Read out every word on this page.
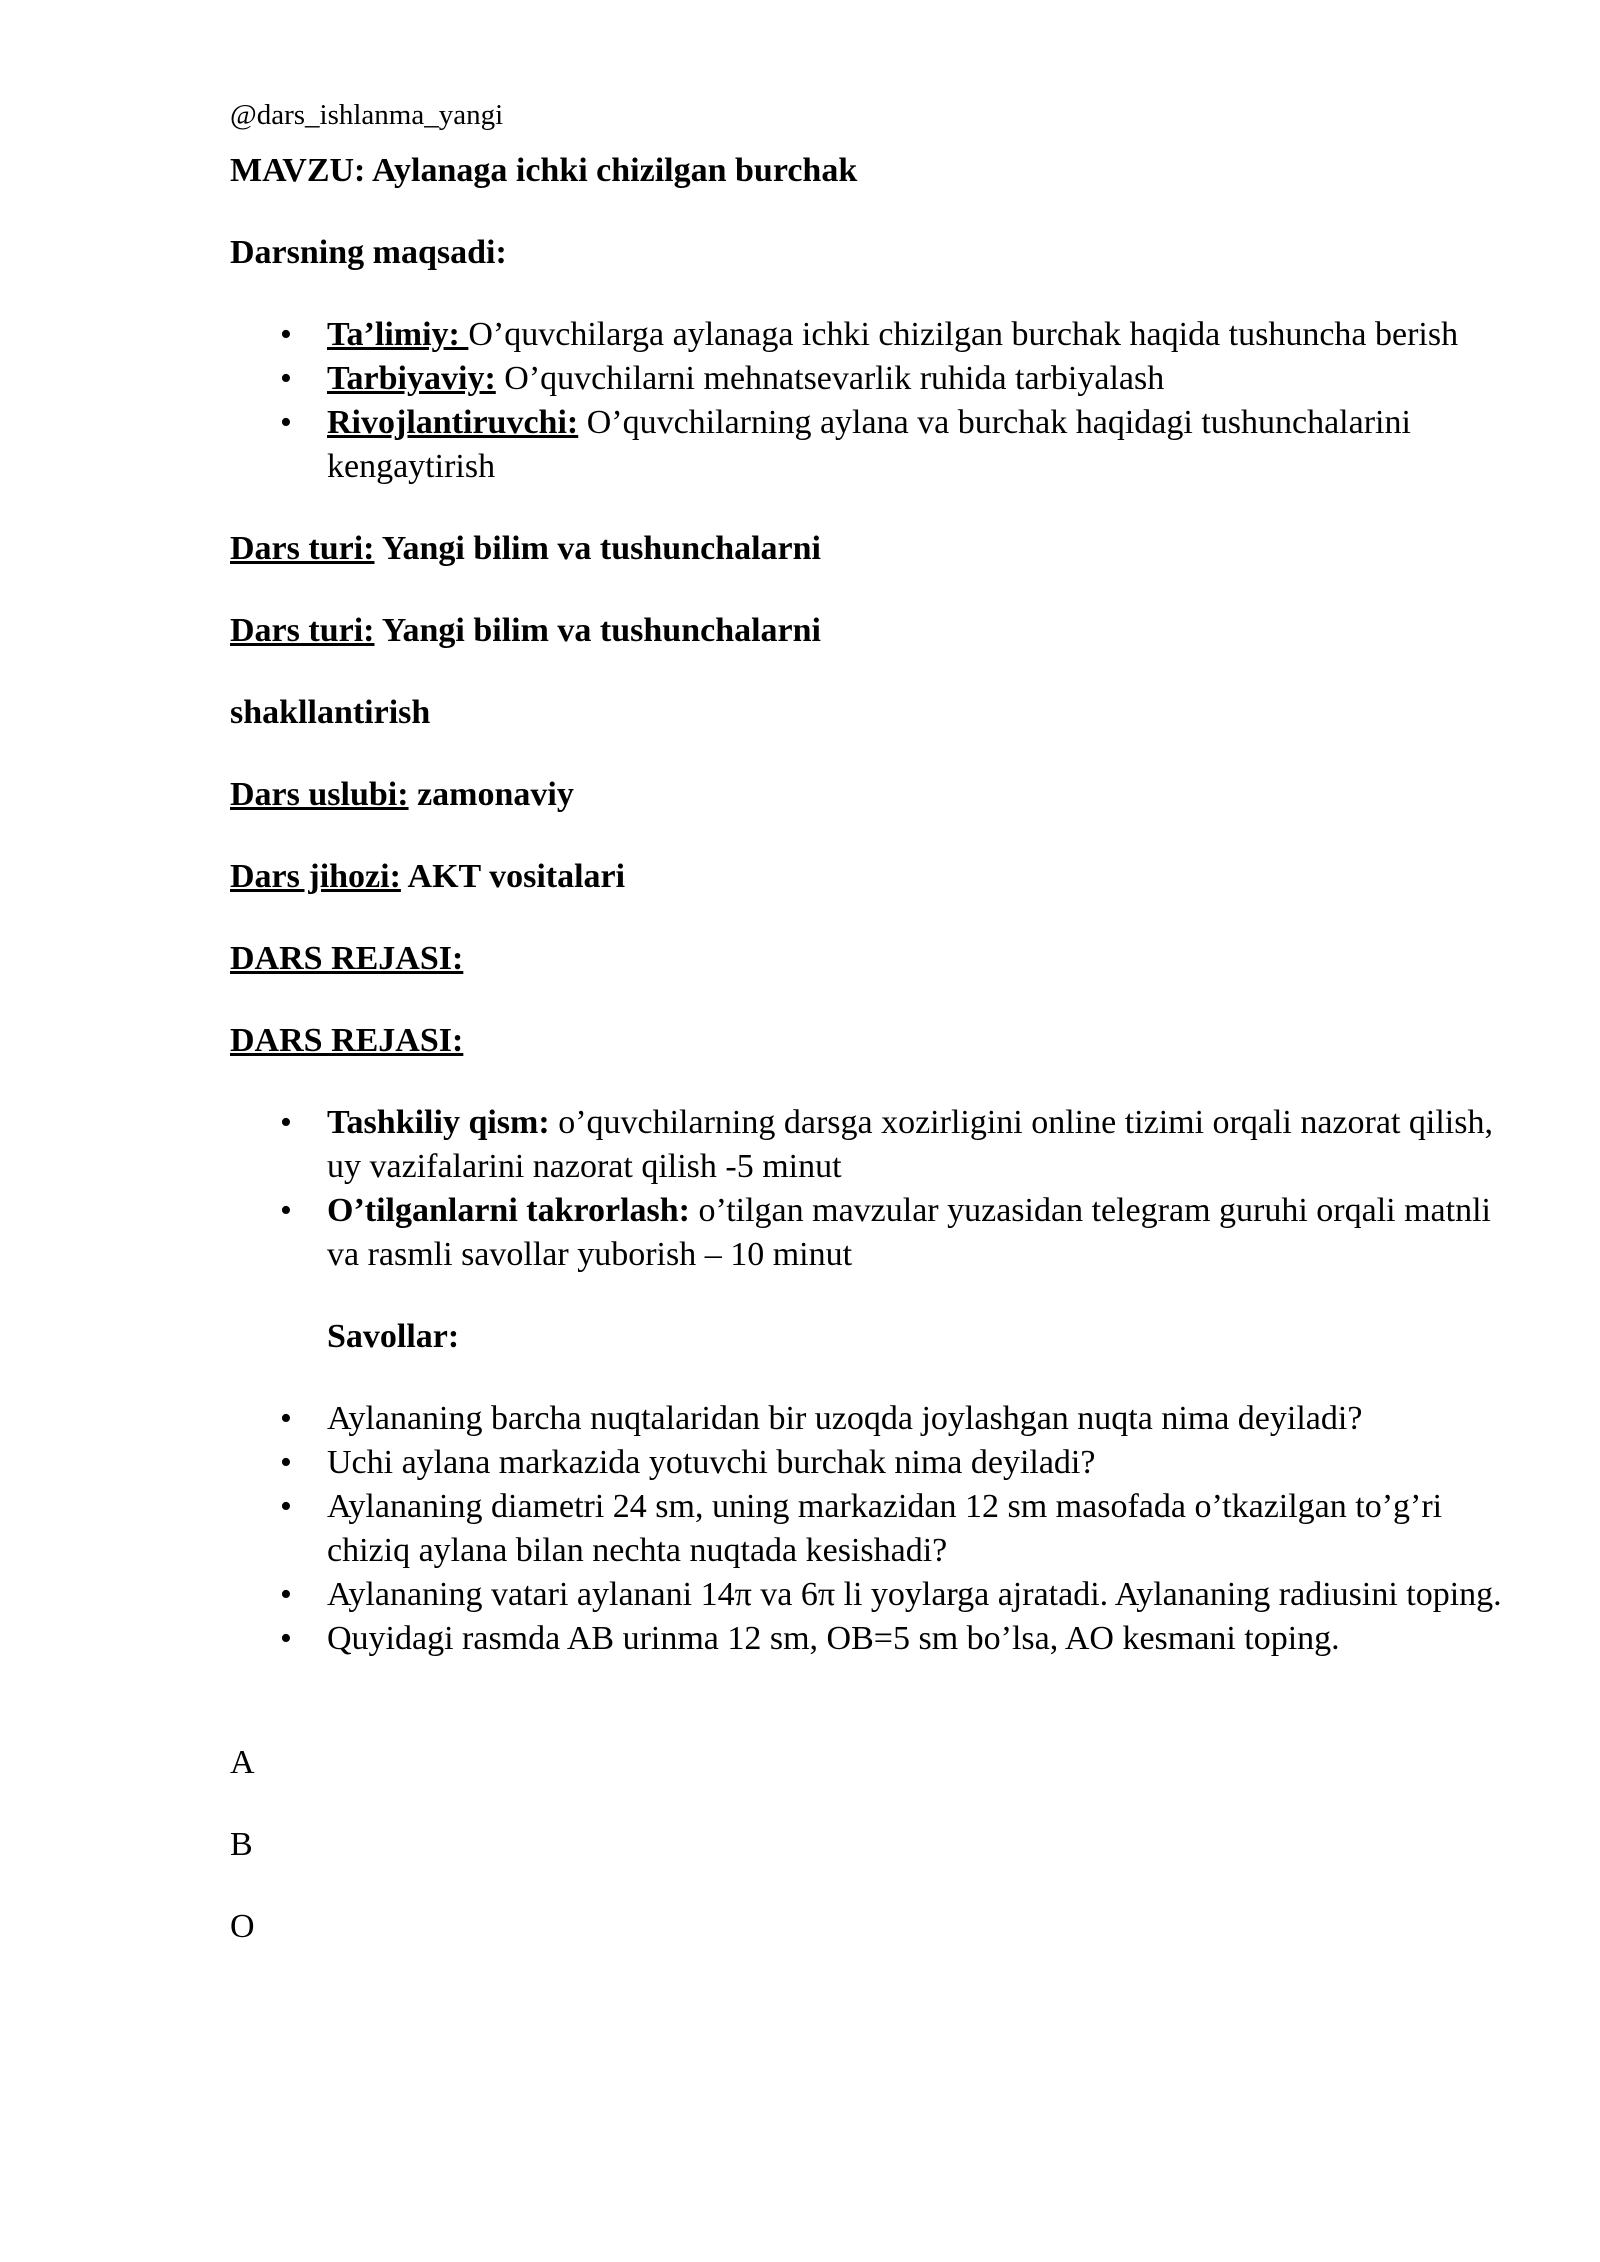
@dars_ishlanma_yangi
MAVZU: Aylanaga ichki chizilgan burchak
Darsning maqsadi:
• Ta’limiy: O’quvchilarga aylanaga ichki chizilgan burchak haqida tushuncha berish
• Tarbiyaviy: O’quvchilarni mehnatsevarlik ruhida tarbiyalash
• Rivojlantiruvchi: O’quvchilarning aylana va burchak haqidagi tushunchalarini kengaytirish
Dars turi: Yangi bilim va tushunchalarni
Dars turi: Yangi bilim va tushunchalarni
shakllantirish
Dars uslubi: zamonaviy
Dars jihozi: AKT vositalari
DARS REJASI:
DARS REJASI:
• Tashkiliy qism: o’quvchilarning darsga xozirligini online tizimi orqali nazorat qilish, uy vazifalarini nazorat qilish -5 minut
• O’tilganlarni takrorlash: o’tilgan mavzular yuzasidan telegram guruhi orqali matnli va rasmli savollar yuborish – 10 minut
Savollar:
• Aylananing barcha nuqtalaridan bir uzoqda joylashgan nuqta nima deyiladi?
• Uchi aylana markazida yotuvchi burchak nima deyiladi?
• Aylananing diametri 24 sm, uning markazidan 12 sm masofada o’tkazilgan to’g’ri chiziq aylana bilan nechta nuqtada kesishadi?
• Aylananing vatari aylanani 14π va 6π li yoylarga ajratadi. Aylananing radiusini toping.
• Quyidagi rasmda AB urinma 12 sm, OB=5 sm bo’lsa, AO kesmani toping.
A
B
O
